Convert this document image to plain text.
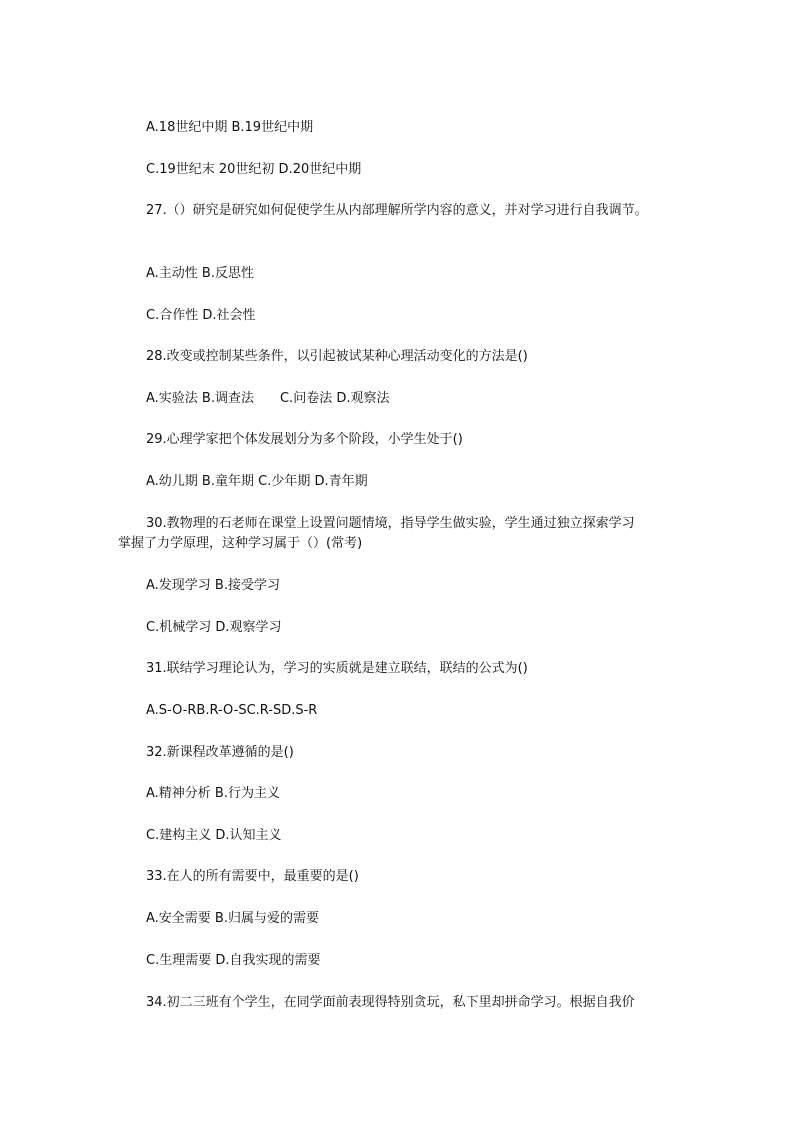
A.18世纪中期 B.19世纪中期
C.19世纪末 20世纪初 D.20世纪中期
27.（）研究是研究如何促使学生从内部理解所学内容的意义，并对学习进行自我调节。
A.主动性 B.反思性
C.合作性 D.社会性
28.改变或控制某些条件，以引起被试某种心理活动变化的方法是()
A.实验法 B.调查法　　C.问卷法 D.观察法
29.心理学家把个体发展划分为多个阶段，小学生处于()
A.幼儿期 B.童年期 C.少年期 D.青年期
30.教物理的石老师在课堂上设置问题情境，指导学生做实验，学生通过独立探索学习
掌握了力学原理，这种学习属于（）(常考)
A.发现学习 B.接受学习
C.机械学习 D.观察学习
31.联结学习理论认为，学习的实质就是建立联结，联结的公式为()
A.S-O-RB.R-O-SC.R-SD.S-R
32.新课程改革遵循的是()
A.精神分析 B.行为主义
C.建构主义 D.认知主义
33.在人的所有需要中，最重要的是()
A.安全需要 B.归属与爱的需要
C.生理需要 D.自我实现的需要
34.初二三班有个学生，在同学面前表现得特别贪玩，私下里却拼命学习。根据自我价
